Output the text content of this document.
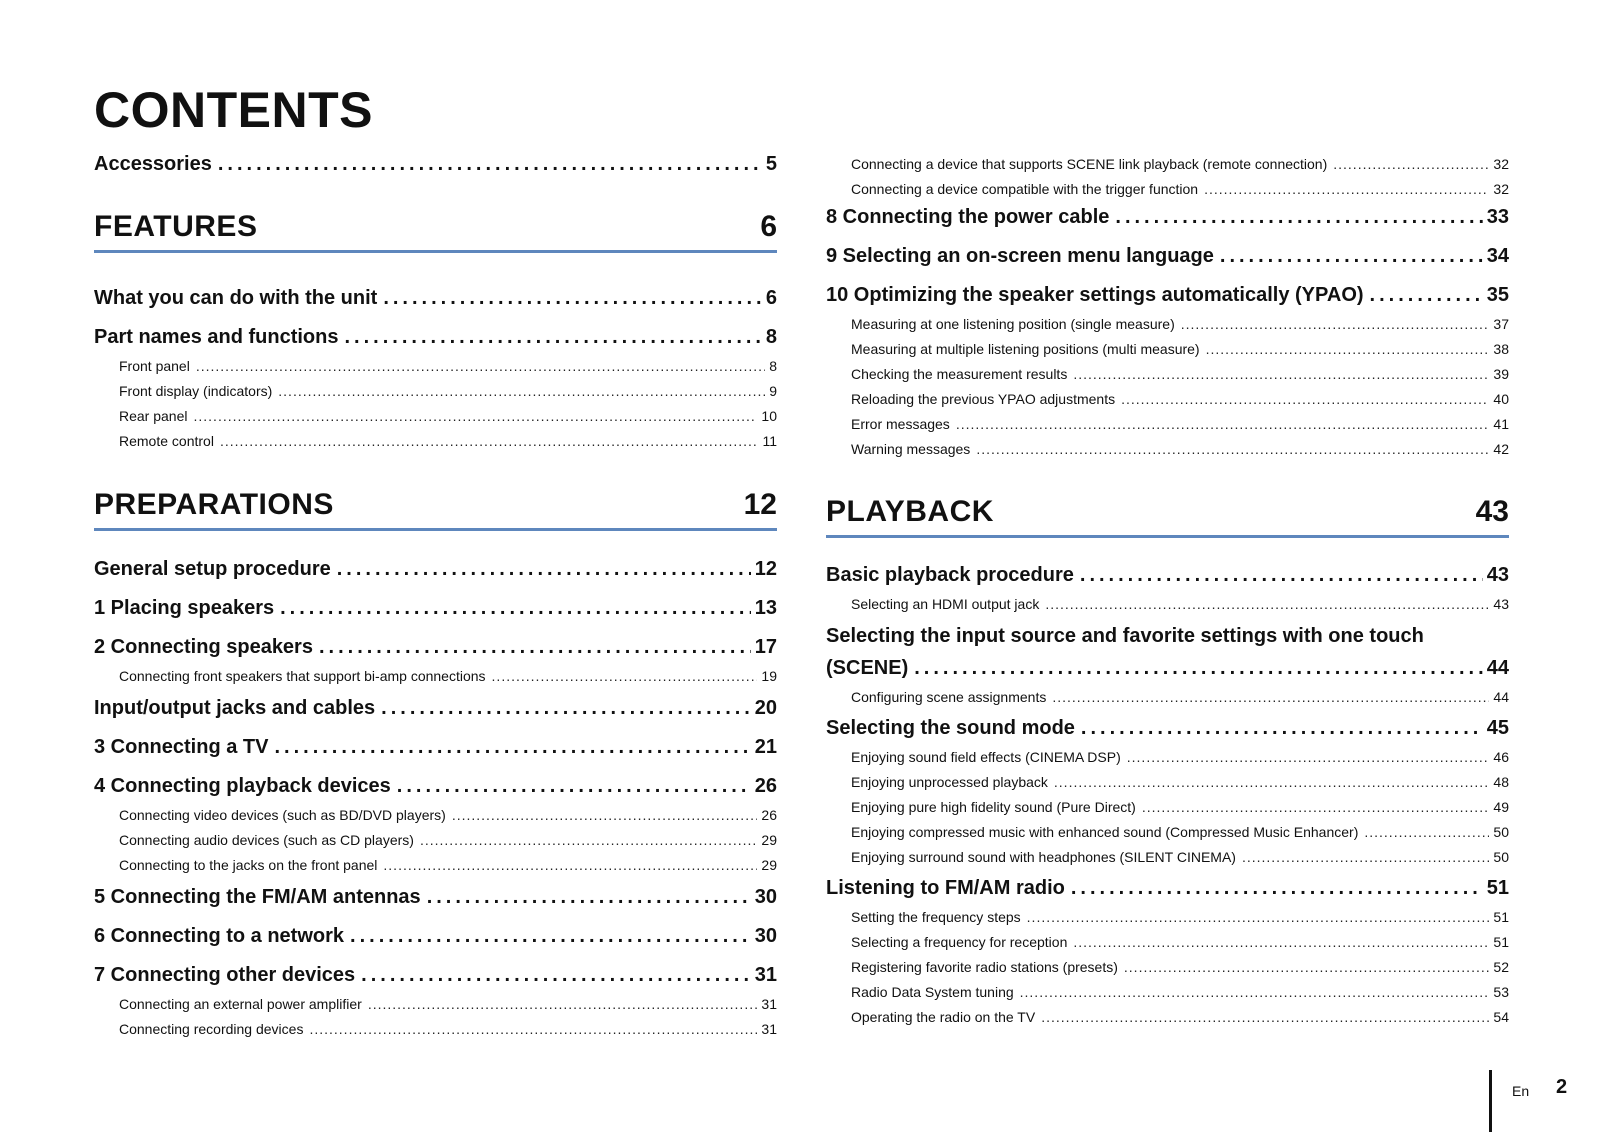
CONTENTS
Accessories .....	5
FEATURES	6
What you can do with the unit .....	6
Part names and functions .....	8
Front panel .....	8
Front display (indicators) .....	9
Rear panel .....	10
Remote control .....	11
PREPARATIONS	12
General setup procedure .....	12
1 Placing speakers .....	13
2 Connecting speakers .....	17
Connecting front speakers that support bi-amp connections .....	19
Input/output jacks and cables .....	20
3 Connecting a TV .....	21
4 Connecting playback devices .....	26
Connecting video devices (such as BD/DVD players) .....	26
Connecting audio devices (such as CD players) .....	29
Connecting to the jacks on the front panel .....	29
5 Connecting the FM/AM antennas .....	30
6 Connecting to a network .....	30
7 Connecting other devices .....	31
Connecting an external power amplifier .....	31
Connecting recording devices .....	31
Connecting a device that supports SCENE link playback (remote connection) .....	32
Connecting a device compatible with the trigger function .....	32
8 Connecting the power cable .....	33
9 Selecting an on-screen menu language .....	34
10 Optimizing the speaker settings automatically (YPAO) .....	35
Measuring at one listening position (single measure) .....	37
Measuring at multiple listening positions (multi measure) .....	38
Checking the measurement results .....	39
Reloading the previous YPAO adjustments .....	40
Error messages .....	41
Warning messages .....	42
PLAYBACK	43
Basic playback procedure .....	43
Selecting an HDMI output jack .....	43
Selecting the input source and favorite settings with one touch
(SCENE) .....	44
Configuring scene assignments .....	44
Selecting the sound mode .....	45
Enjoying sound field effects (CINEMA DSP) .....	46
Enjoying unprocessed playback .....	48
Enjoying pure high fidelity sound (Pure Direct) .....	49
Enjoying compressed music with enhanced sound (Compressed Music Enhancer) .....	50
Enjoying surround sound with headphones (SILENT CINEMA) .....	50
Listening to FM/AM radio .....	51
Setting the frequency steps .....	51
Selecting a frequency for reception .....	51
Registering favorite radio stations (presets) .....	52
Radio Data System tuning .....	53
Operating the radio on the TV .....	54
En 2
